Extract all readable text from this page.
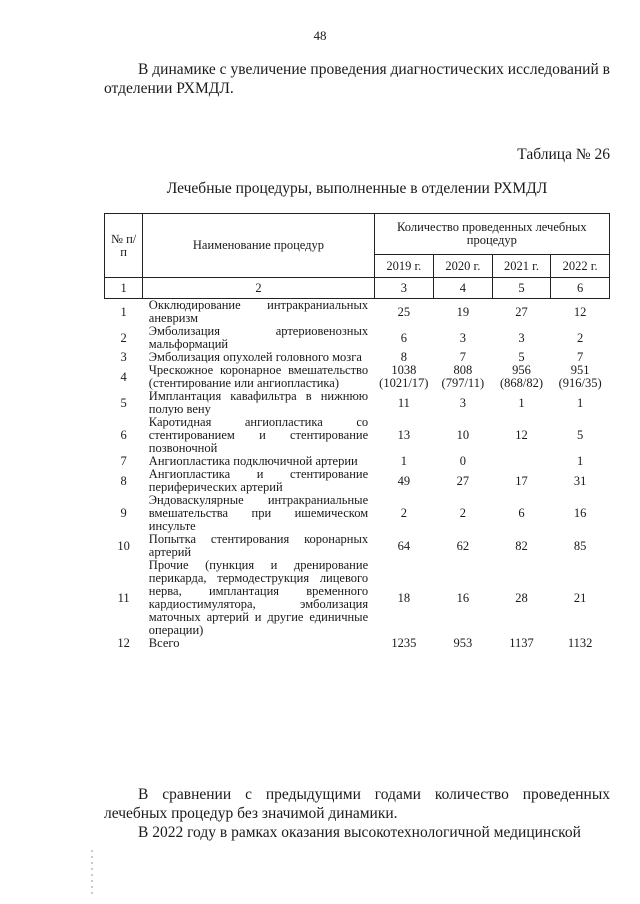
48
В динамике с увеличение проведения диагностических исследований в отделении РХМДЛ.
Таблица № 26
Лечебные процедуры, выполненные в отделении РХМДЛ
№ п/п	Наименование процедур	Количество проведенных лечебных процедур			
		2019 г.	2020 г.	2021 г.	2022 г.
1	2	3	4	5	6
1	Окклюдирование интракраниальных аневризм	25	19	27	12
2	Эмболизация артериовенозных мальформаций	6	3	3	2
3	Эмболизация опухолей головного мозга	8	7	5	7
4	Чрескожное коронарное вмешательство (стентирование или ангиопластика)	1038 (1021/17)	808 (797/11)	956 (868/82)	951 (916/35)
5	Имплантация кавафильтра в нижнюю полую вену	11	3	1	1
6	Каротидная ангиопластика со стентированием и стентирование позвоночной	13	10	12	5
7	Ангиопластика подключичной артерии	1	0		1
8	Ангиопластика и стентирование периферических артерий	49	27	17	31
9	Эндоваскулярные интракраниальные вмешательства при ишемическом инсульте	2	2	6	16
10	Попытка стентирования коронарных артерий	64	62	82	85
11	Прочие (пункция и дренирование перикарда, термодеструкция лицевого нерва, имплантация временного кардиостимулятора, эмболизация маточных артерий и другие единичные операции)	18	16	28	21
12	Всего	1235	953	1137	1132
В сравнении с предыдущими годами количество проведенных лечебных процедур без значимой динамики.
В 2022 году в рамках оказания высокотехнологичной медицинской
